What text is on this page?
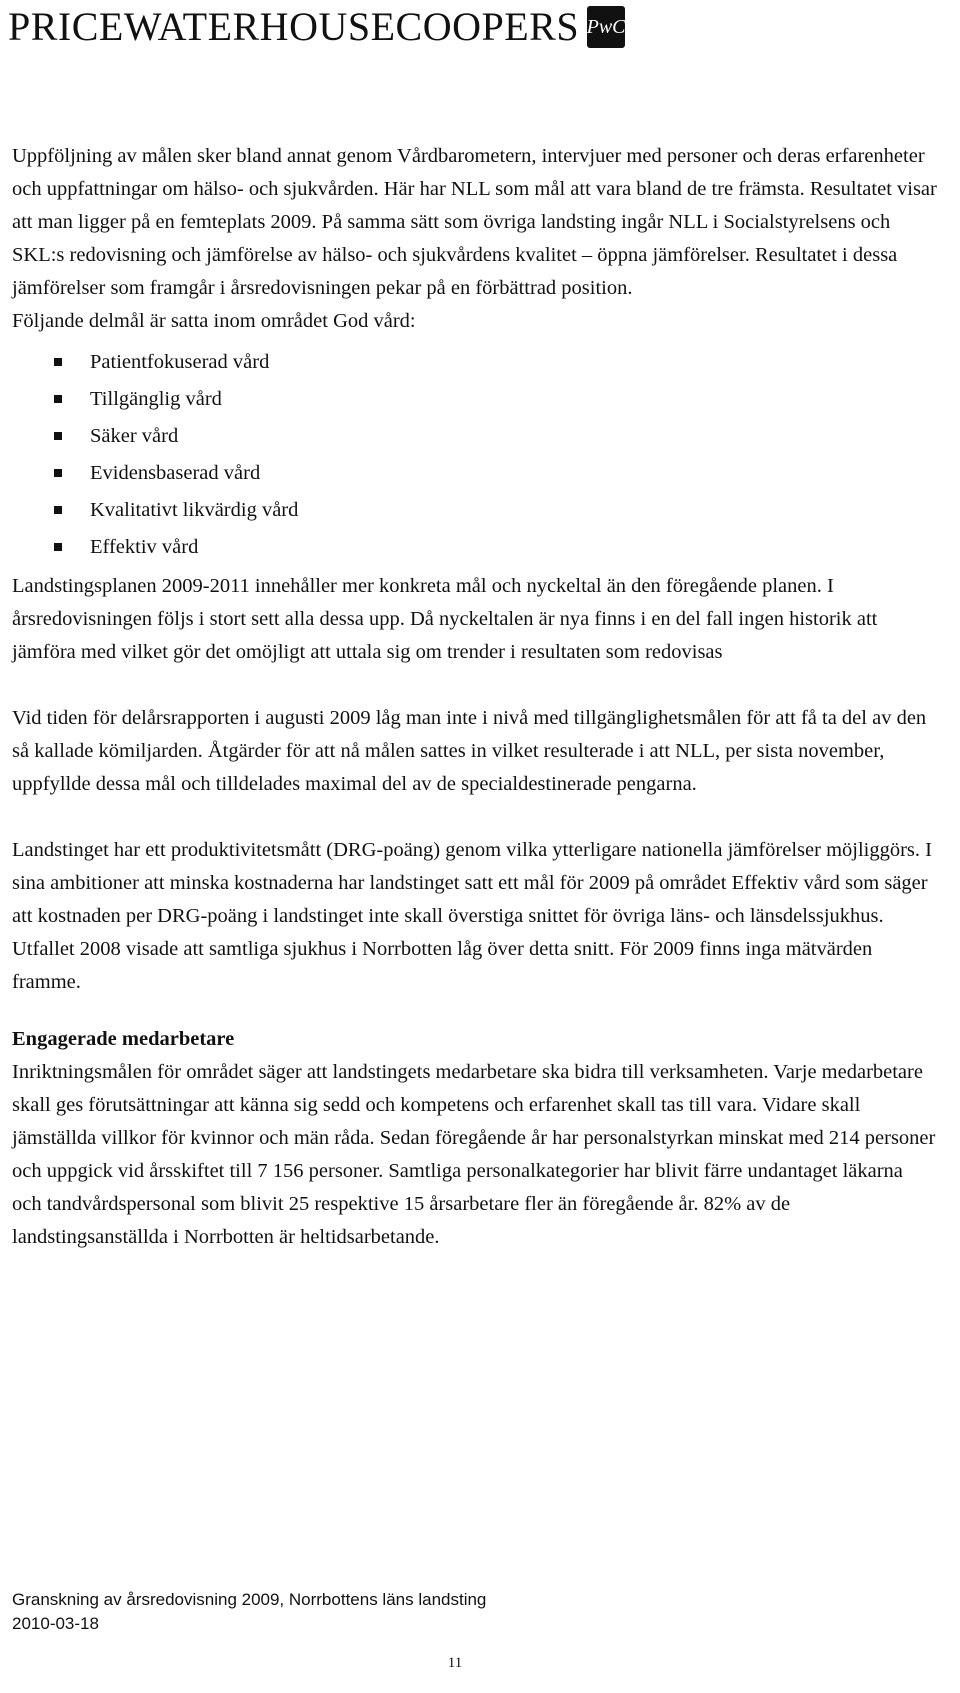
PRICEWATERHOUSECOOPERS PwC

Uppföljning av målen sker bland annat genom Vårdbarometern, intervjuer med personer och deras erfarenheter och uppfattningar om hälso- och sjukvården. Här har NLL som mål att vara bland de tre främsta. Resultatet visar att man ligger på en femteplats 2009. På samma sätt som övriga landsting ingår NLL i Socialstyrelsens och SKL:s redovisning och jämförelse av hälso- och sjukvårdens kvalitet – öppna jämförelser. Resultatet i dessa jämförelser som framgår i årsredovisningen pekar på en förbättrad position.

Följande delmål är satta inom området God vård:

Patientfokuserad vård
Tillgänglig vård
Säker vård
Evidensbaserad vård
Kvalitativt likvärdig vård
Effektiv vård

Landstingsplanen 2009-2011 innehåller mer konkreta mål och nyckeltal än den föregående planen. I årsredovisningen följs i stort sett alla dessa upp. Då nyckeltalen är nya finns i en del fall ingen historik att jämföra med vilket gör det omöjligt att uttala sig om trender i resultaten som redovisas

Vid tiden för delårsrapporten i augusti 2009 låg man inte i nivå med tillgänglighetsmålen för att få ta del av den så kallade kömiljarden. Åtgärder för att nå målen sattes in vilket resulterade i att NLL, per sista november, uppfyllde dessa mål och tilldelades maximal del av de specialdestinerade pengarna.

Landstinget har ett produktivitetsmått (DRG-poäng) genom vilka ytterligare nationella jämförelser möjliggörs. I sina ambitioner att minska kostnaderna har landstinget satt ett mål för 2009 på området Effektiv vård som säger att kostnaden per DRG-poäng i landstinget inte skall överstiga snittet för övriga läns- och länsdelssjukhus. Utfallet 2008 visade att samtliga sjukhus i Norrbotten låg över detta snitt. För 2009 finns inga mätvärden framme.

Engagerade medarbetare

Inriktningsmålen för området säger att landstingets medarbetare ska bidra till verksamheten. Varje medarbetare skall ges förutsättningar att känna sig sedd och kompetens och erfarenhet skall tas till vara. Vidare skall jämställda villkor för kvinnor och män råda. Sedan föregående år har personalstyrkan minskat med 214 personer och uppgick vid årsskiftet till 7 156 personer. Samtliga personalkategorier har blivit färre undantaget läkarna och tandvårdspersonal som blivit 25 respektive 15 årsarbetare fler än föregående år. 82% av de landstingsanställda i Norrbotten är heltidsarbetande.

Granskning av årsredovisning 2009, Norrbottens läns landsting
2010-03-18
11
